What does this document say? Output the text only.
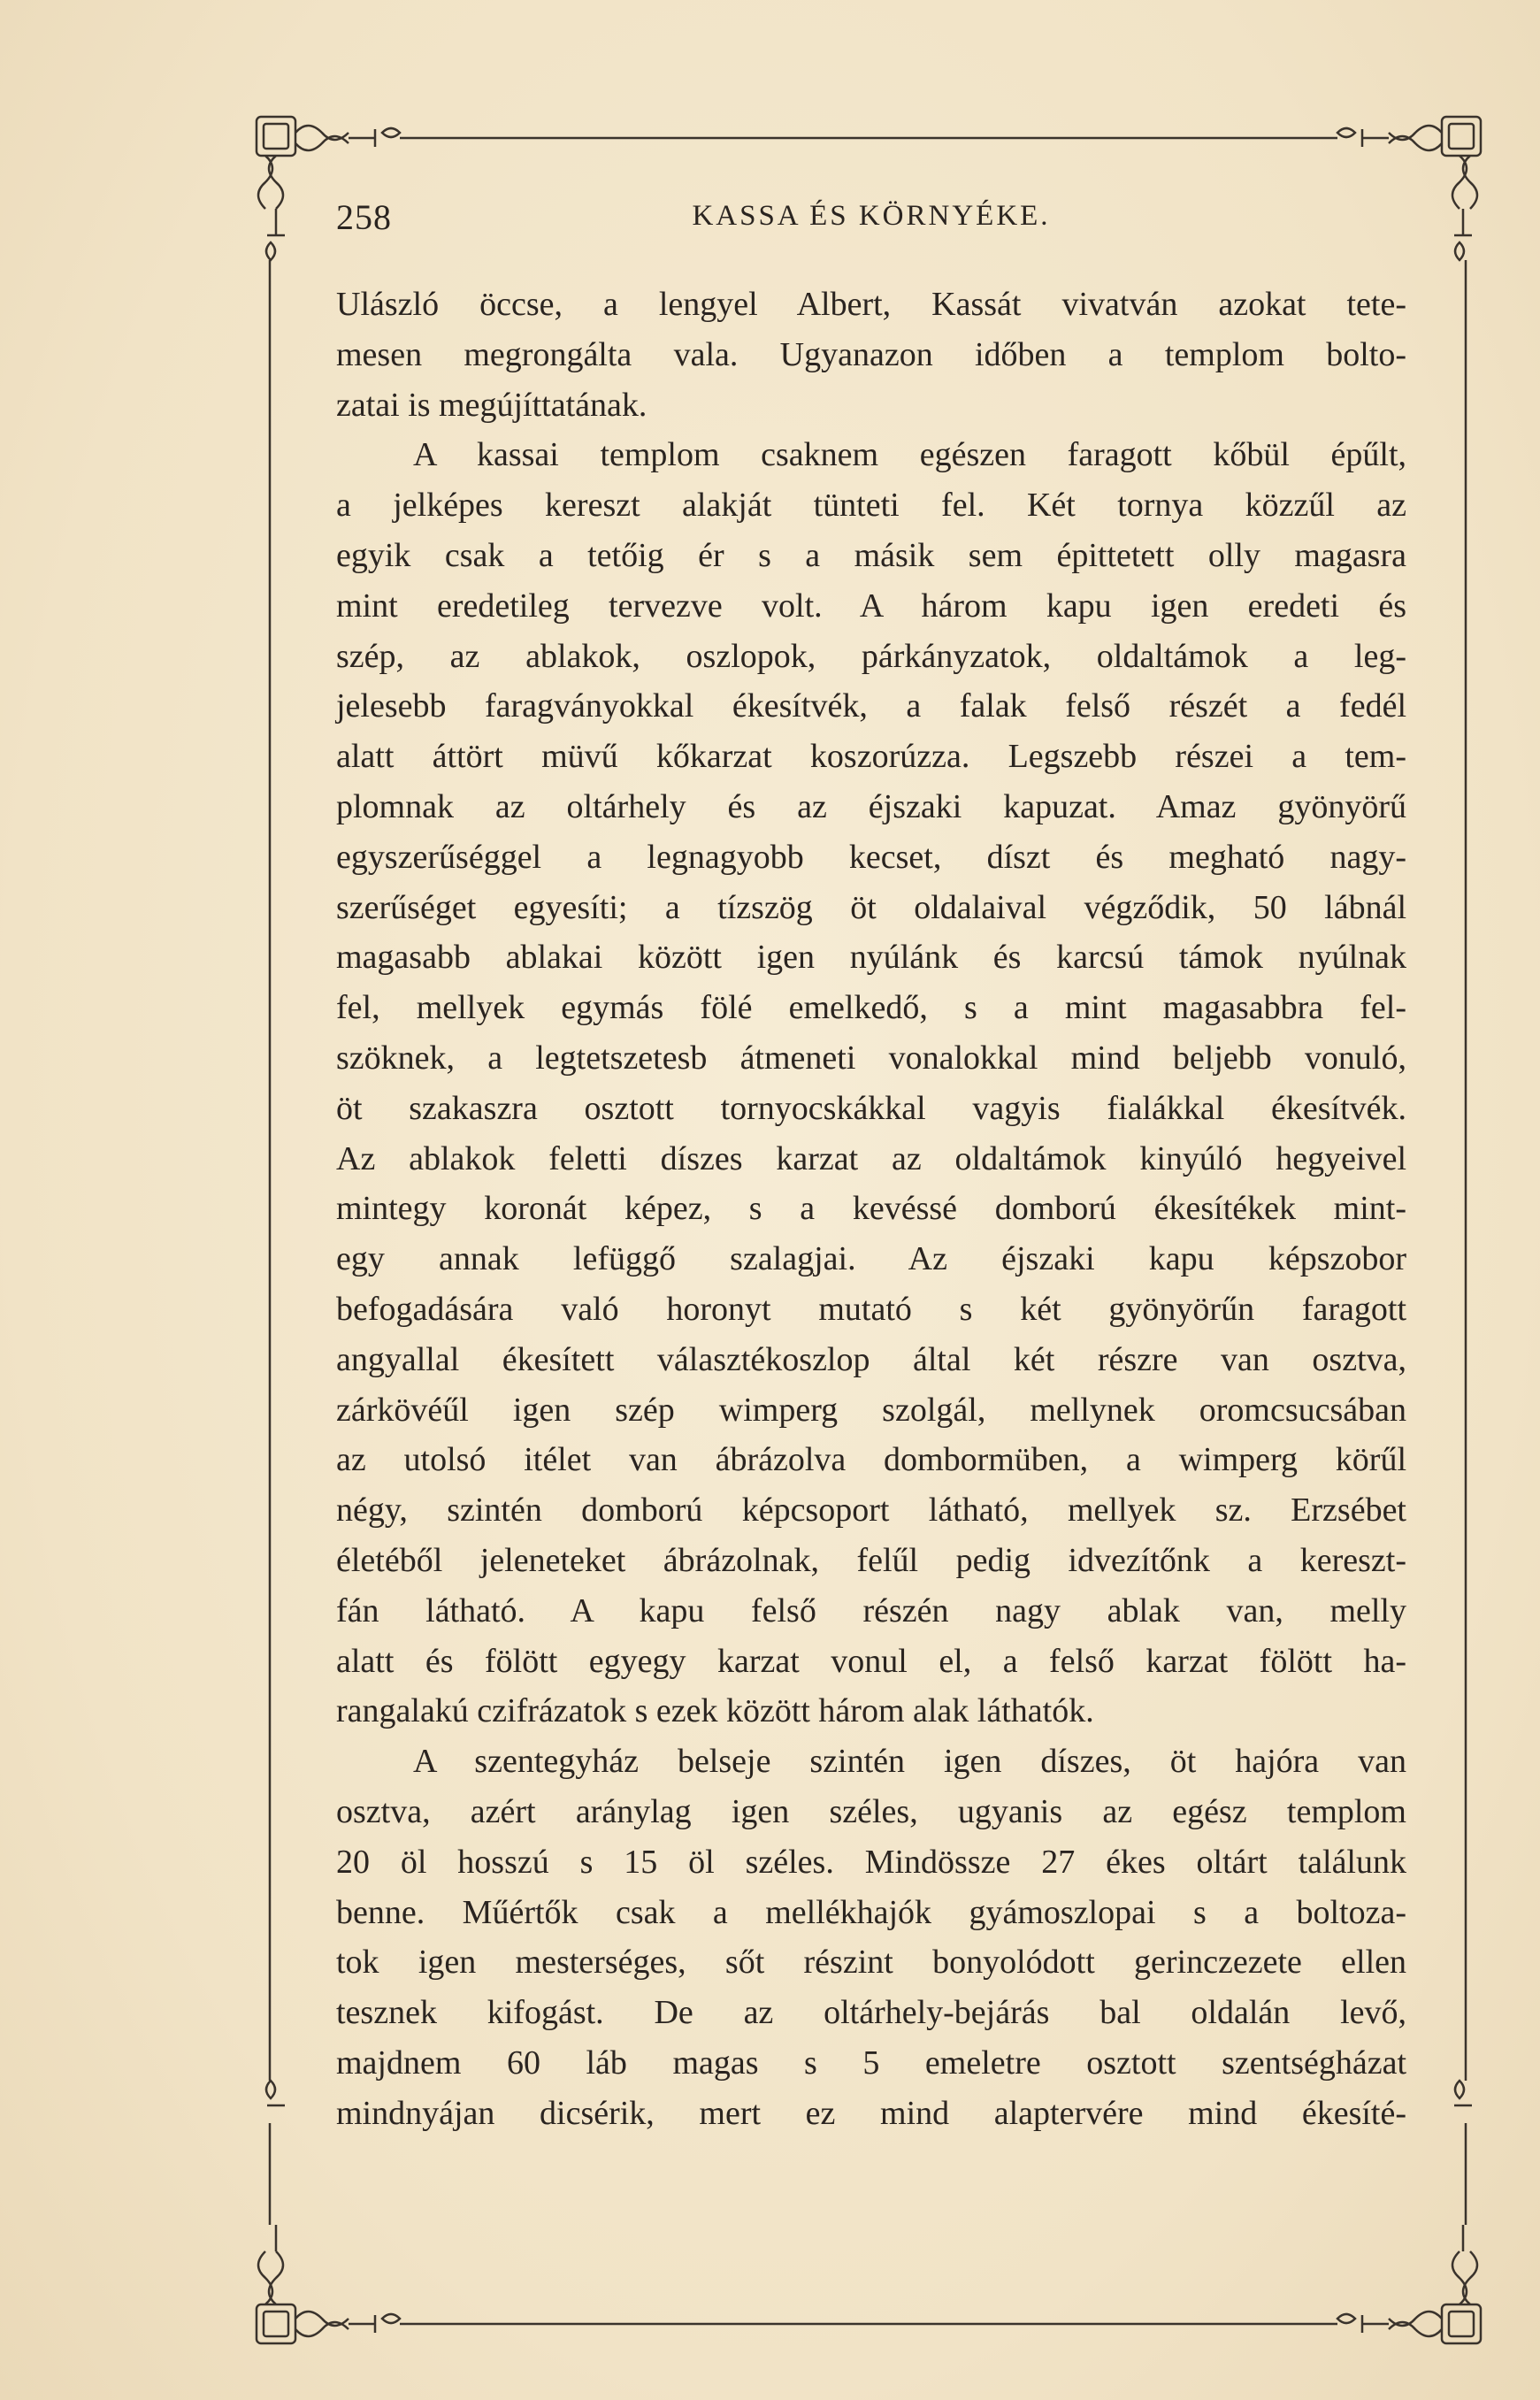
258	KASSA ÉS KÖRNYÉKE.
Ulászló öccse, a lengyel Albert, Kassát vivatván azokat tete-
mesen megrongálta vala. Ugyanazon időben a templom bolto-
zatai is megújíttatának.
A kassai templom csaknem egészen faragott kőbül épűlt,
a jelképes kereszt alakját tünteti fel. Két tornya közzűl az
egyik csak a tetőig ér s a másik sem épittetett olly magasra
mint eredetileg tervezve volt. A három kapu igen eredeti és
szép, az ablakok, oszlopok, párkányzatok, oldaltámok a leg-
jelesebb faragványokkal ékesítvék, a falak felső részét a fedél
alatt áttört müvű kőkarzat koszorúzza. Legszebb részei a tem-
plomnak az oltárhely és az éjszaki kapuzat. Amaz gyönyörű
egyszerűséggel a legnagyobb kecset, díszt és megható nagy-
szerűséget egyesíti; a tízszög öt oldalaival végződik, 50 lábnál
magasabb ablakai között igen nyúlánk és karcsú támok nyúlnak
fel, mellyek egymás fölé emelkedő, s a mint magasabbra fel-
szöknek, a legtetszetesb átmeneti vonalokkal mind beljebb vonuló,
öt szakaszra osztott tornyocskákkal vagyis fialákkal ékesítvék.
Az ablakok feletti díszes karzat az oldaltámok kinyúló hegyeivel
mintegy koronát képez, s a kevéssé domború ékesítékek mint-
egy annak lefüggő szalagjai. Az éjszaki kapu képszobor
befogadására való horonyt mutató s két gyönyörűn faragott
angyallal ékesített választékoszlop által két részre van osztva,
zárkövéűl igen szép wimperg szolgál, mellynek oromcsucsában
az utolsó itélet van ábrázolva dombormüben, a wimperg körűl
négy, szintén domború képcsoport látható, mellyek sz. Erzsébet
életéből jeleneteket ábrázolnak, felűl pedig idvezítőnk a kereszt-
fán látható. A kapu felső részén nagy ablak van, melly
alatt és fölött egyegy karzat vonul el, a felső karzat fölött ha-
rangalakú czifrázatok s ezek között három alak láthatók.
A szentegyház belseje szintén igen díszes, öt hajóra van
osztva, azért aránylag igen széles, ugyanis az egész templom
20 öl hosszú s 15 öl széles. Mindössze 27 ékes oltárt találunk
benne. Műértők csak a mellékhajók gyámoszlopai s a boltoza-
tok igen mesterséges, sőt részint bonyolódott gerinczezete ellen
tesznek kifogást. De az oltárhely-bejárás bal oldalán levő,
majdnem 60 láb magas s 5 emeletre osztott szentségházat
mindnyájan dicsérik, mert ez mind alaptervére mind ékesíté-
